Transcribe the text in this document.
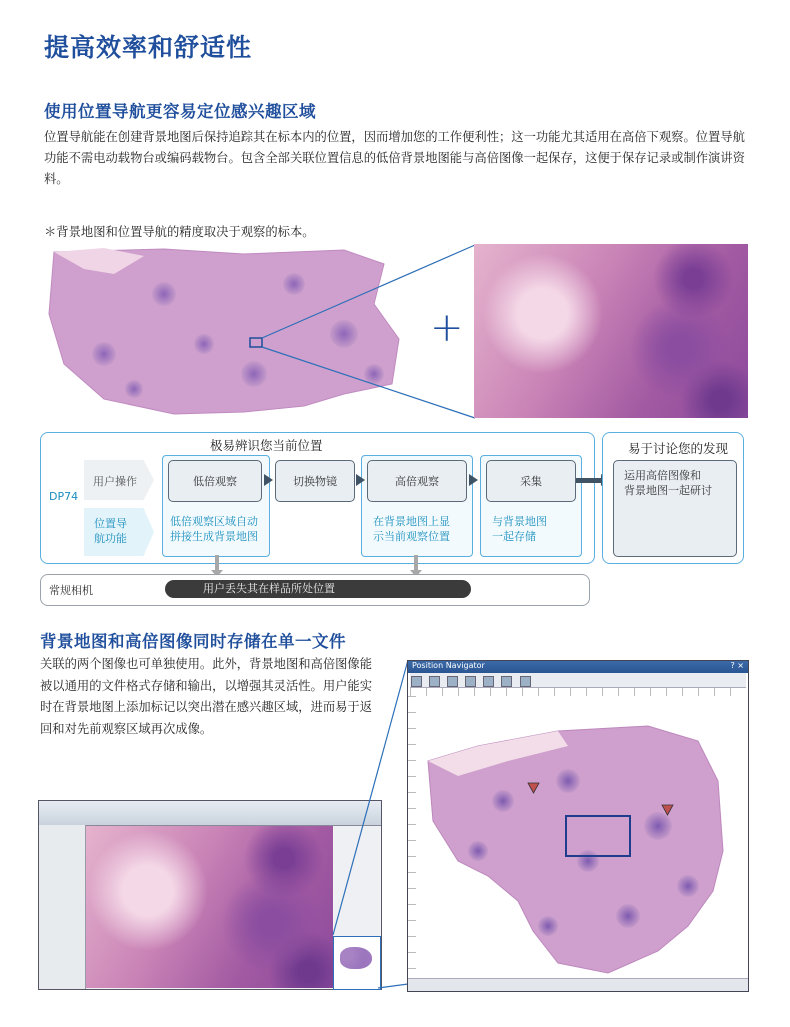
提高效率和舒适性
使用位置导航更容易定位感兴趣区域
位置导航能在创建背景地图后保持追踪其在标本内的位置，因而增加您的工作便利性；这一功能尤其适用在高倍下观察。位置导航功能不需电动载物台或编码载物台。包含全部关联位置信息的低倍背景地图能与高倍图像一起保存，这便于保存记录或制作演讲资料。
＊背景地图和位置导航的精度取决于观察的标本。
+
极易辨识您当前位置
DP74
用户操作
位置导
航功能
低倍观察	切换物镜	高倍观察	采集
低倍观察区域自动
拼接生成背景地图
在背景地图上显
示当前观察位置
与背景地图
一起存储
易于讨论您的发现
运用高倍图像和
背景地图一起研讨
常规相机	用户丢失其在样品所处位置
背景地图和高倍图像同时存储在单一文件
关联的两个图像也可单独使用。此外，背景地图和高倍图像能被以通用的文件格式存储和输出，以增强其灵活性。用户能实时在背景地图上添加标记以突出潜在感兴趣区域，进而易于返回和对先前观察区域再次成像。
Position Navigator	? ×
